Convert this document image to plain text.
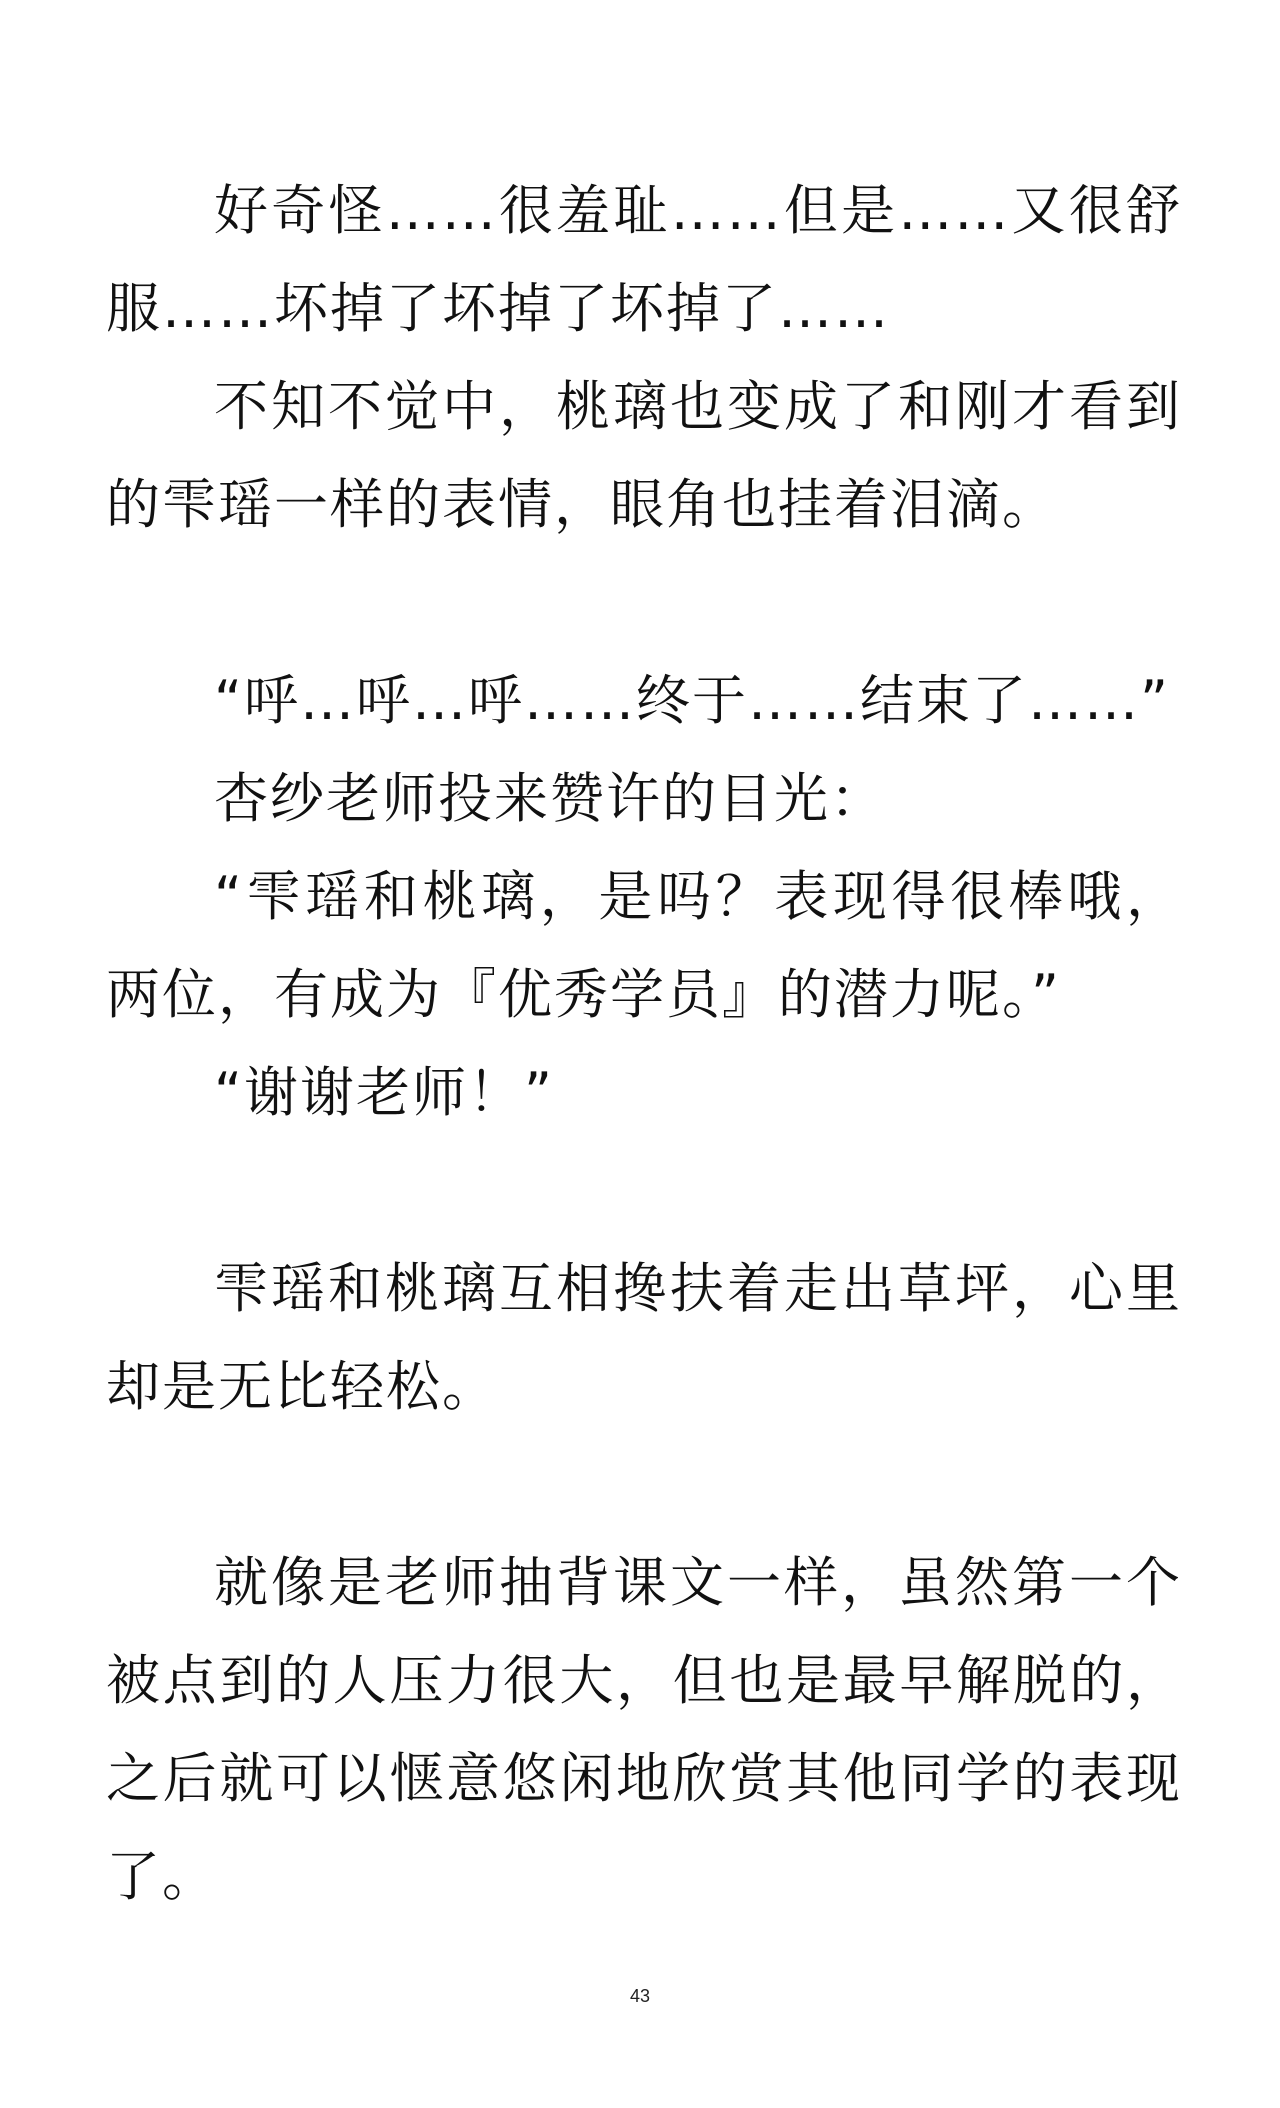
好奇怪……很羞耻……但是……又很舒服……坏掉了坏掉了坏掉了……

不知不觉中，桃璃也变成了和刚才看到的雫瑶一样的表情，眼角也挂着泪滴。

“呼…呼…呼……终于……结束了……”

杏纱老师投来赞许的目光：

“雫瑶和桃璃，是吗？表现得很棒哦，两位，有成为『优秀学员』的潜力呢。”

“谢谢老师！”

雫瑶和桃璃互相搀扶着走出草坪，心里却是无比轻松。

就像是老师抽背课文一样，虽然第一个被点到的人压力很大，但也是最早解脱的，之后就可以惬意悠闲地欣赏其他同学的表现了。

43
